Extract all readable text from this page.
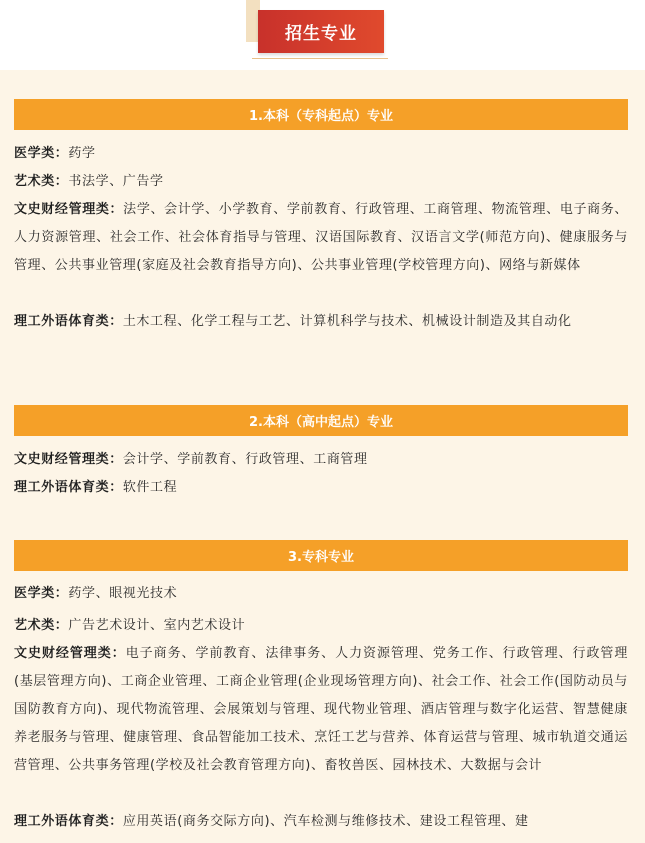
招生专业
1.本科（专科起点）专业
医学类：药学
艺术类：书法学、广告学
文史财经管理类：法学、会计学、小学教育、学前教育、行政管理、工商管理、物流管理、电子商务、人力资源管理、社会工作、社会体育指导与管理、汉语国际教育、汉语言文学(师范方向)、健康服务与管理、公共事业管理(家庭及社会教育指导方向)、公共事业管理(学校管理方向)、网络与新媒体
理工外语体育类：土木工程、化学工程与工艺、计算机科学与技术、机械设计制造及其自动化
2.本科（高中起点）专业
文史财经管理类：会计学、学前教育、行政管理、工商管理
理工外语体育类：软件工程
3.专科专业
医学类：药学、眼视光技术
艺术类：广告艺术设计、室内艺术设计
文史财经管理类：电子商务、学前教育、法律事务、人力资源管理、党务工作、行政管理、行政管理(基层管理方向)、工商企业管理、工商企业管理(企业现场管理方向)、社会工作、社会工作(国防动员与国防教育方向)、现代物流管理、会展策划与管理、现代物业管理、酒店管理与数字化运营、智慧健康养老服务与管理、健康管理、食品智能加工技术、烹饪工艺与营养、体育运营与管理、城市轨道交通运营管理、公共事务管理(学校及社会教育管理方向)、畜牧兽医、园林技术、大数据与会计
理工外语体育类：应用英语(商务交际方向)、汽车检测与维修技术、建设工程管理、建
